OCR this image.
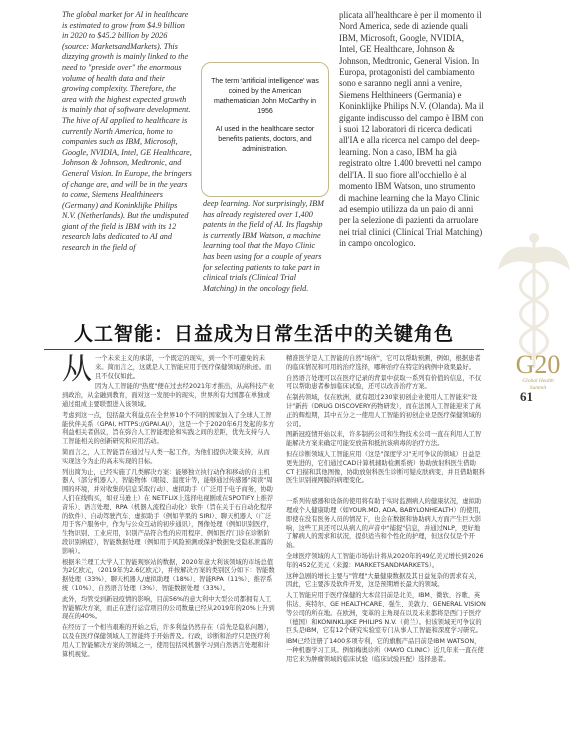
The global market for AI in healthcare is estimated to grow from $4.9 billion in 2020 to $45.2 billion by 2026 (source: MarketsandMarkets). This dizzying growth is mainly linked to the need to "preside over" the enormous volume of health data and their growing complexity. Therefore, the area with the highest expected growth is mainly that of software development. The hive of AI applied to healthcare is currently North America, home to companies such as IBM, Microsoft, Google, NVIDIA, Intel, GE Healthcare, Johnson & Johnson, Medtronic, and General Vision. In Europe, the bringers of change are, and will be in the years to come, Siemens Healthineers (Germany) and Koninklijke Philips N.V. (Netherlands). But the undisputed giant of the field is IBM with its 12 research labs dedicated to AI and research in the field of
deep learning. Not surprisingly, IBM has already registered over 1,400 patents in the field of AI. Its flagship is currently IBM Watson, a machine learning tool that the Mayo Clinic has been using for a couple of years for selecting patients to take part in clinical trials (Clinical Trial Matching) in the oncology field.

The term 'artificial intelligence' was coined by the American mathematician John McCarthy in 1956

AI used in the healthcare sector benefits patients, doctors, and administration.

plicata all'healthcare è per il momento il Nord America, sede di aziende quali IBM, Microsoft, Google, NVIDIA, Intel, GE Healthcare, Johnson & Johnson, Medtronic, General Vision. In Europa, protagonisti del cambiamento sono e saranno negli anni a venire, Siemens Helthineers (Germania) e Koninklijke Philips N.V. (Olanda). Ma il gigante indiscusso del campo è IBM con i suoi 12 laboratori di ricerca dedicati all'IA e alla ricerca nel campo del deep-learning. Non a caso, IBM ha già registrato oltre 1.400 brevetti nel campo dell'IA. Il suo fiore all'occhiello è al momento IBM Watson, uno strumento di machine learning che la Mayo Clinic ad esempio utilizza da un paio di anni per la selezione di pazienti da arruolare nei trial clinici (Clinical Trial Matching) in campo oncologico.
人工智能：日益成为日常生活中的关键角色
从 一个未来主义的承诺，一个既定的现实，到一个不可避免的未来。简而言之，这就是人工智能应用于医疗保健领域的轨迹。而且不仅仅如此。

因为人工智能的"热度"便在过去经2021年才推出，从高科技产业到政治，从金融到教育，面对这一发展中的现实，世界所有大国都在单独或通过组成主要联盟进入该领域。

考虑到这一点，包括最大利益点在全世界10个不同的国家加入了全球人工智能伙伴关系（GPAI, HTTPS://GPAI.AI/），这是一个于2020年6月发起的多方利益相关者倡议，旨在弥合人工智能理论和实践之间的差距，优先支持与人工智能相关的创新研究和应用活动。

简而言之，人工智能旨在通过与人类一起工作，为他们提供决策支持，从而实现这今为止的高未实现的目标。

列出简为止，已经实施了几类解决方案：能够独立执行动作和移动的自主机器人（部分机器人）、智能物体（眼镜、温度计等，能够通过传感器"阅读"周围的环境，并对收集的信息采取行动）、虚拟助手（广泛用于电子商务，协助人们在线购买，如亚马逊上）在 NETFLIX上选择电视剧或在SPOTIFY上推荐音乐）、语言处理、RPA（机器人流程自动化）软件（旨在关于石自动化程序的软件）、自动驾驶汽车、虚拟助手（例如苹果的 SIRI）、聊天机器人（广泛用于客户服务中，作为与公众互动的初步通讯），图像处理（例如识别医疗，生物识别、工业应用，识别产品符合性的应用程序、例如医疗门诊在诊断阶段识别病症），智能数据处理（例如用于风险预测或保护数据免受隐私泄露的影响）。

根据米兰理工大学人工智能观察站的数据，2020年意大利该领域的市场总值为2亿欧元，（2019年为2.6亿欧元），并按解决方案的类别区分如下：智能数据处理（33%）、聊天机器人/虚拟助理（18%）、智能RPA（11%）、推荐系统（10%）、自然语言处理（3%）、智能数据处理（33%）。

此外，均管受到新冠疫情的影响，目前56%的意大利中大型公司都拥有人工智能解决方案，而正在进行运营项目的公司数量已经从2019年的20%上升到现在的40%。

在经历了一个相当艰难的开始之后，许多利益仍然存在（首先是隐私问题），以及在医疗保健领域人工智能终于开始普及。行政，诊断和治疗只是医疗利用人工智能解决方案的领域之一，使用包括风机器学习到自然语言处理和计算机视觉。

精准医学是人工智能的自然"场所"，它可以帮助预测，例如，根据患者的临床情况和可用的治疗选择，哪种治疗在特定的病例中效果最好。

自然语言处理可以在医疗记录的背景中获取一系列有价值的信息，不仅可以帮助患者参加临床试验，还可以改善治疗方案。

在制药领域，仅在欧洲，就有超过230家初创企业使用人工智能来"设计"新药（DRUG DISCOVERY药物研发），而在法国人工智能迎来了真正的辉煌期，其中五分之一使用人工智能的初创企业是医疗保健领域的公司。

图新冠疫情开始以来，许多制药公司和生物技术公司一直在利用人工智能解决方案来确定可能安放苗和抵抗该病毒的治疗方法。

但在诊断领域人工智能应用（这是"深度学习"无可争议的领域）日益是更先进的，它们通过CAD计算机辅助检测系统）协助放射科医生借助 CT 扫描和其他图像，协助放射科医生诊断可疑皮肤病变，并且借助眼科医生识别视网膜的病理变化。

一系列传感器和设备的使用将有助于实时监测病人的健康状况，虚拟助理或个人健康助理（如YOUR.MD, ADA, BABYLONHEALTH）的使用，即使在没有医务人员的情况下，也会在数据和协助病人方面产生巨大影响，这些工具还可以从病人的声音中"捕捉"信息，并通过NLP，更好地了解病人的需求和状况，提供适当和个性化的护理，但这仅仅是个开始。

全球医疗领域的人工智能市场估计将从2020年的49亿美元增长到2026年的452亿美元（来源：MARKETSANDMARKETS）。

这种急剧的增长主要与"管理"大量健康数据及其日益复杂的需求有关，因此，它主要涉及软件开发，这是预期增长最大的领域。

人工智能应用于医疗保健的大本营目前是北美，IBM、微软、谷歌、英伟达、英特尔、GE HEALTHCARE、强生、美敦力、GENERAL VISION 等公司的所在地。在欧洲，变革的主角现在以及未来都将是西门子医疗（德国）和KONINKLIJKE PHILIPS N.V.（荷兰）。但该领域无可争议的巨头是IBM，它有12个研究实验室专门从事人工智能和深度学习研究。

IBM已经注册了1400多项专利，它的旗舰产品目前是IBM WATSON，一种机器学习工具。例如梅奥诊所（MAYO CLINIC）近几年来一直在使用它来为肿瘤领域的临床试验（临床试验匹配）选择患者。

G20
Global Health
Summit
61
